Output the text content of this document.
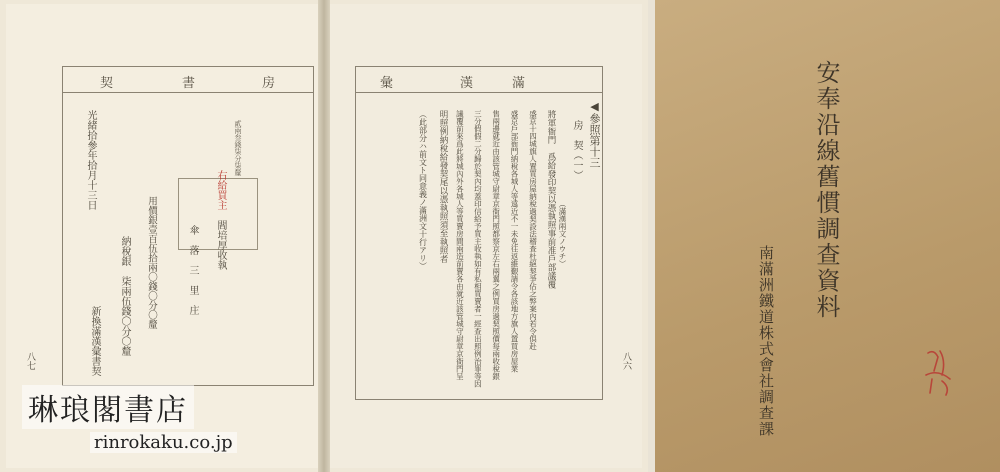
房
書
契
光緒拾參年拾月十三日	右給買主
貳兩叁錢柒分柒釐
閻培厚收執
傘　落　三　里　庄
用價銀壹百伍拾兩〇錢〇分〇釐
納稅銀　柒兩伍錢〇分〇釐
新換滿漢彙書契
八七
滿
漢
彙
◀參照第十三
房　契（一）
（滿漢兩文ノウチ）
將軍衙門　爲給發印契以憑執照事前准戶部議覆
盛京十四城旗人置買房屋納稅過契設法稽查杜絕契爭佔之弊案內若令俱赴
盛京戶部衙門納稅各城人等遠近不一未免往返維艱請令各該地方旗人置買房屋業
售兩邊就近由該管城守尉章京衙門照都察京左右兩翼之例買房過契照價每兩收稅銀
三分假假二分歸於契內均蓋印信給予買主收執如有私相買賣者一經查出照例治罪等因
議覆前來爲此將城內外各城人等買賣房間兩造前賣各由就近該管城守尉章京衙門呈
明照例納稅給發契尾以憑執照須至執照者
（此部分ハ前文ト同意義ノ滿洲文十行アリ）
八六
安奉沿線舊慣調查資料
南滿洲鐵道株式會社調查課
琳琅閣書店
rinrokaku.co.jp
